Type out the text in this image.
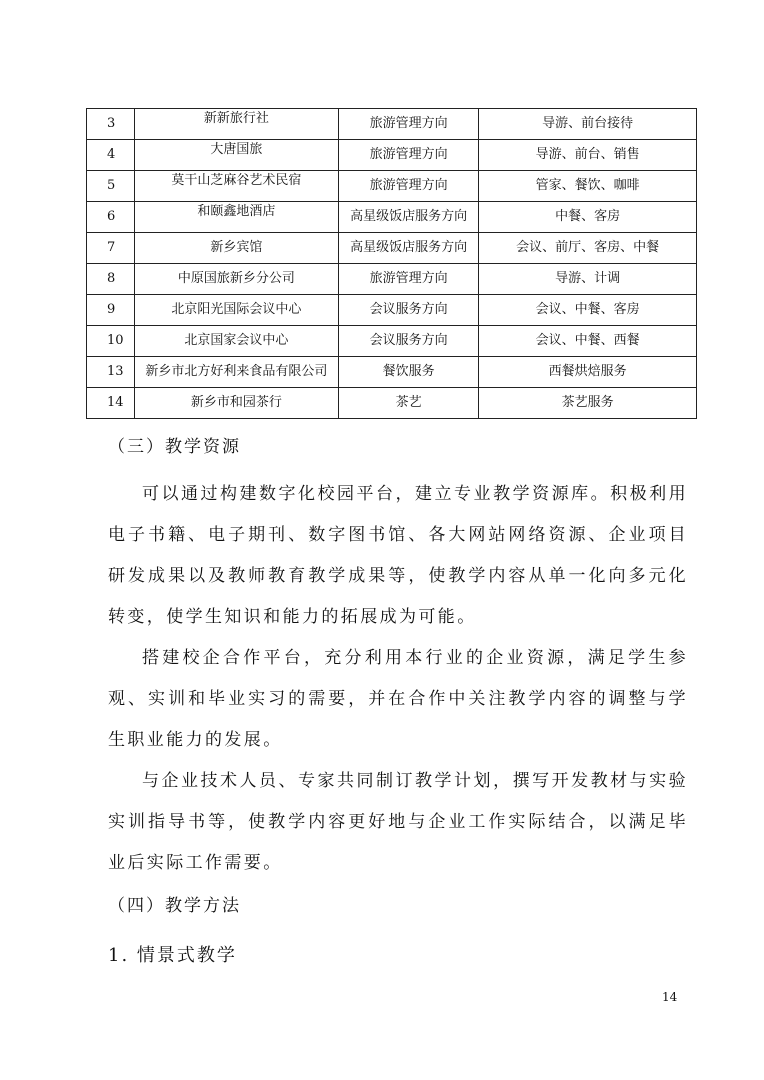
3	新新旅行社	旅游管理方向	导游、前台接待
4	大唐国旅	旅游管理方向	导游、前台、销售
5	莫干山芝麻谷艺术民宿	旅游管理方向	管家、餐饮、咖啡
6	和颐鑫地酒店	高星级饭店服务方向	中餐、客房
7	新乡宾馆	高星级饭店服务方向	会议、前厅、客房、中餐
8	中原国旅新乡分公司	旅游管理方向	导游、计调
9	北京阳光国际会议中心	会议服务方向	会议、中餐、客房
10	北京国家会议中心	会议服务方向	会议、中餐、西餐
13	新乡市北方好利来食品有限公司	餐饮服务	西餐烘焙服务
14	新乡市和园茶行	茶艺	茶艺服务
（三）教学资源
可以通过构建数字化校园平台，建立专业教学资源库。积极利用电子书籍、电子期刊、数字图书馆、各大网站网络资源、企业项目研发成果以及教师教育教学成果等，使教学内容从单一化向多元化转变，使学生知识和能力的拓展成为可能。
搭建校企合作平台，充分利用本行业的企业资源，满足学生参观、实训和毕业实习的需要，并在合作中关注教学内容的调整与学生职业能力的发展。
与企业技术人员、专家共同制订教学计划，撰写开发教材与实验实训指导书等，使教学内容更好地与企业工作实际结合，以满足毕业后实际工作需要。
（四）教学方法
1. 情景式教学
14
